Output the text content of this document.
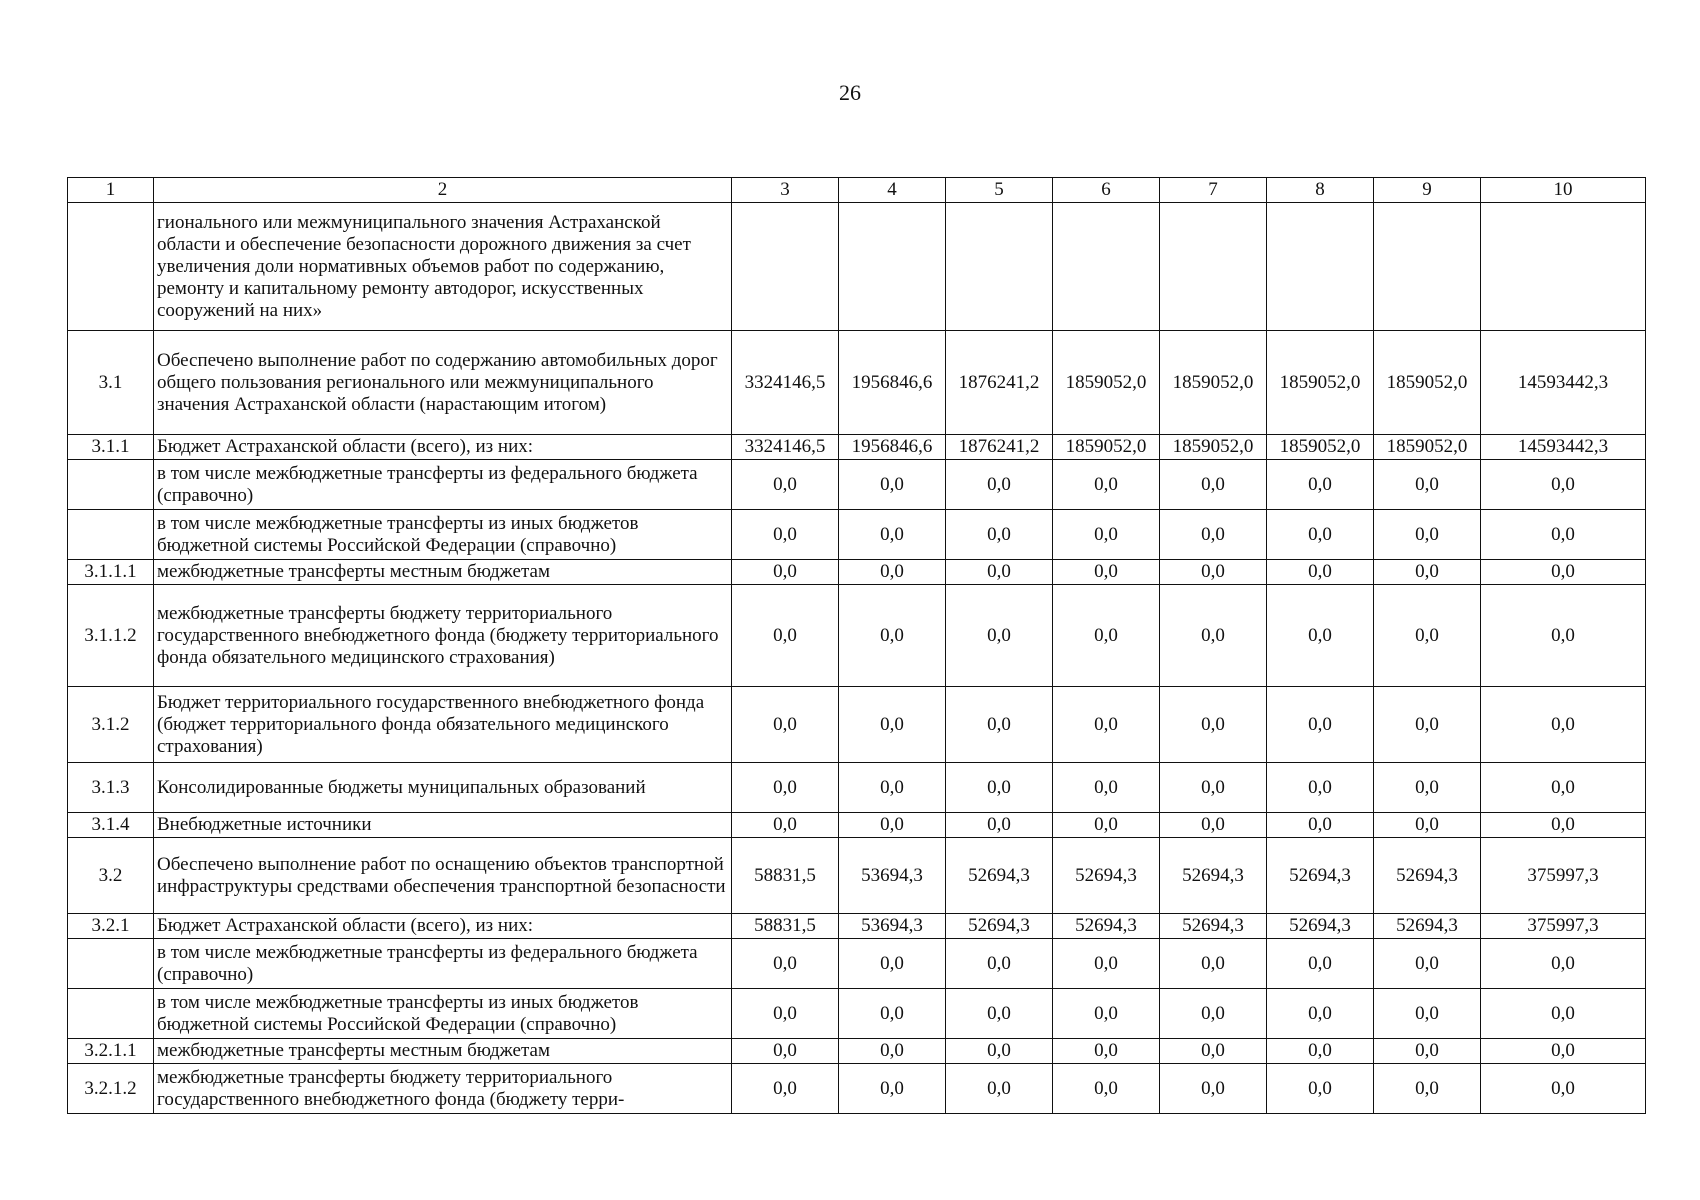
26
1	2	3	4	5	6	7	8	9	10
	гионального или межмуниципального значения Астраханской области и обеспечение безопасности дорожного движения за счет увеличения доли нормативных объемов работ по содержанию, ремонту и капитальному ремонту автодорог, искусственных сооружений на них»								
3.1	Обеспечено выполнение работ по содержанию автомобильных дорог общего пользования регионального или межмуниципального значения Астраханской области (нарастающим итогом)	3324146,5	1956846,6	1876241,2	1859052,0	1859052,0	1859052,0	1859052,0	14593442,3
3.1.1	Бюджет Астраханской области (всего), из них:	3324146,5	1956846,6	1876241,2	1859052,0	1859052,0	1859052,0	1859052,0	14593442,3
	в том числе межбюджетные трансферты из федерального бюджета (справочно)	0,0	0,0	0,0	0,0	0,0	0,0	0,0	0,0
	в том числе межбюджетные трансферты из иных бюджетов бюджетной системы Российской Федерации (справочно)	0,0	0,0	0,0	0,0	0,0	0,0	0,0	0,0
3.1.1.1	межбюджетные трансферты местным бюджетам	0,0	0,0	0,0	0,0	0,0	0,0	0,0	0,0
3.1.1.2	межбюджетные трансферты бюджету территориального государственного внебюджетного фонда (бюджету территориального фонда обязательного медицинского страхования)	0,0	0,0	0,0	0,0	0,0	0,0	0,0	0,0
3.1.2	Бюджет территориального государственного внебюджетного фонда (бюджет территориального фонда обязательного медицинского страхования)	0,0	0,0	0,0	0,0	0,0	0,0	0,0	0,0
3.1.3	Консолидированные бюджеты муниципальных образований	0,0	0,0	0,0	0,0	0,0	0,0	0,0	0,0
3.1.4	Внебюджетные источники	0,0	0,0	0,0	0,0	0,0	0,0	0,0	0,0
3.2	Обеспечено выполнение работ по оснащению объектов транспортной инфраструктуры средствами обеспечения транспортной безопасности	58831,5	53694,3	52694,3	52694,3	52694,3	52694,3	52694,3	375997,3
3.2.1	Бюджет Астраханской области (всего), из них:	58831,5	53694,3	52694,3	52694,3	52694,3	52694,3	52694,3	375997,3
	в том числе межбюджетные трансферты из федерального бюджета (справочно)	0,0	0,0	0,0	0,0	0,0	0,0	0,0	0,0
	в том числе межбюджетные трансферты из иных бюджетов бюджетной системы Российской Федерации (справочно)	0,0	0,0	0,0	0,0	0,0	0,0	0,0	0,0
3.2.1.1	межбюджетные трансферты местным бюджетам	0,0	0,0	0,0	0,0	0,0	0,0	0,0	0,0
3.2.1.2	межбюджетные трансферты бюджету территориального государственного внебюджетного фонда (бюджету терри-	0,0	0,0	0,0	0,0	0,0	0,0	0,0	0,0
